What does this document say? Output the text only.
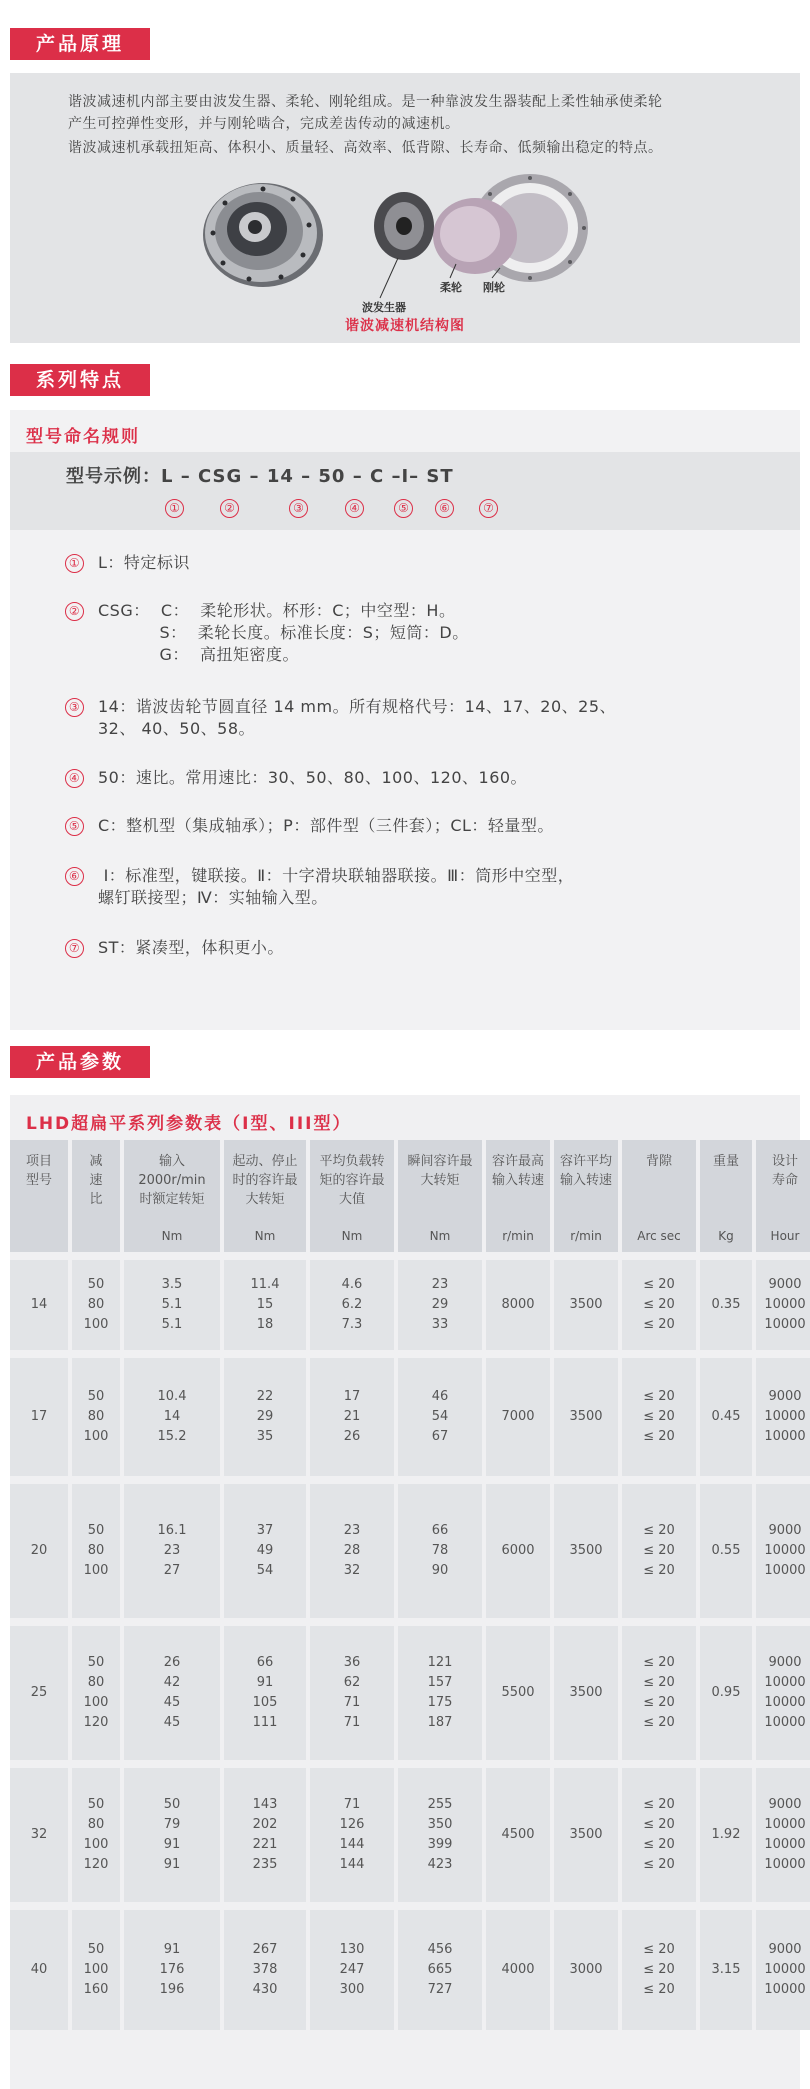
产品原理

谐波减速机内部主要由波发生器、柔轮、刚轮组成。是一种靠波发生器装配上柔性轴承使柔轮

产生可控弹性变形，并与刚轮啮合，完成差齿传动的减速机。

谐波减速机承载扭矩高、体积小、质量轻、高效率、低背隙、长寿命、低频输出稳定的特点。

柔轮 刚轮
波发生器
谐波减速机结构图
系列特点
型号命名规则
型号示例：L – CSG – 14 – 50 – C –I– ST
①	②	③	④	⑤	⑥	⑦
① L：特定标识
② CSG：  C：  柔轮形状。杯形：C；中空型：H。
S：  柔轮长度。标准长度：S；短筒：D。
G：  高扭矩密度。
③ 14：谐波齿轮节圆直径 14 mm。所有规格代号：14、17、20、25、
32、 40、50、58。
④ 50：速比。常用速比：30、50、80、100、120、160。
⑤ C：整机型（集成轴承）；P：部件型（三件套）；CL：轻量型。
⑥	Ⅰ：标准型，键联接。Ⅱ：十字滑块联轴器联接。Ⅲ：筒形中空型，
螺钉联接型；Ⅳ：实轴输入型。
⑦ ST：紧凑型，体积更小。
产品参数
LHD超扁平系列参数表（I型、III型）
项目
型号	减
速
比	输入
2000r/min
时额定转矩
Nm	起动、停止
时的容许最
大转矩
Nm	平均负载转
矩的容许最
大值
Nm	瞬间容许最
大转矩
Nm	容许最高
输入转速
r/min	容许平均
输入转速
r/min	背隙
Arc sec	重量
Kg	设计
寿命
Hour

14	50
80
100	3.5
5.1
5.1	11.4
15
18	4.6
6.2
7.3	23
29
33	8000	3500	≤ 20
≤ 20
≤ 20	0.35	9000
10000
10000

17	50
80
100	10.4
14
15.2	22
29
35	17
21
26	46
54
67	7000	3500	≤ 20
≤ 20
≤ 20	0.45	9000
10000
10000

20	50
80
100	16.1
23
27	37
49
54	23
28
32	66
78
90	6000	3500	≤ 20
≤ 20
≤ 20	0.55	9000
10000
10000

25	50
80
100
120	26
42
45
45	66
91
105
111	36
62
71
71	121
157
175
187	5500	3500	≤ 20
≤ 20
≤ 20
≤ 20	0.95	9000
10000
10000
10000

32	50
80
100
120	50
79
91
91	143
202
221
235	71
126
144
144	255
350
399
423	4500	3500	≤ 20
≤ 20
≤ 20
≤ 20	1.92	9000
10000
10000
10000

40	50
100
160	91
176
196	267
378
430	130
247
300	456
665
727	4000	3000	≤ 20
≤ 20
≤ 20	3.15	9000
10000
10000
